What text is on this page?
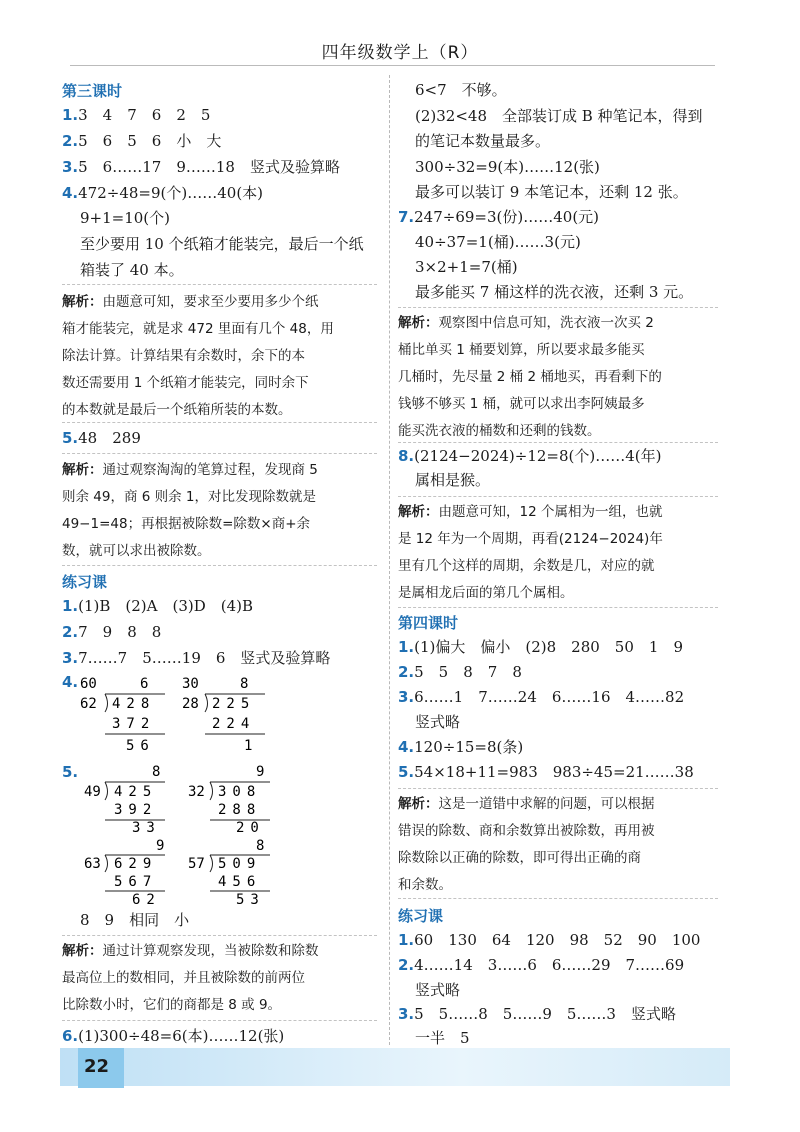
四年级数学上（R）
第三课时
1.3　4　7　6　2　5
2.5　6　5　6　小　大
3.5　6……17　9……18　竖式及验算略
4.472÷48=9(个)……40(本)
9+1=10(个)
至少要用 10 个纸箱才能装完，最后一个纸
箱装了 40 本。
解析：由题意可知，要求至少要用多少个纸
箱才能装完，就是求 472 里面有几个 48，用
除法计算。计算结果有余数时，余下的本
数还需要用 1 个纸箱才能装完，同时余下
的本数就是最后一个纸箱所装的本数。
5.48　289
解析：通过观察淘淘的笔算过程，发现商 5
则余 49，商 6 则余 1，对比发现除数就是
49−1=48；再根据被除数=除数×商+余
数，就可以求出被除数。
练习课
1.(1)B　(2)A　(3)D　(4)B
2.7　9　8　8
3.7……7　5……19　6　竖式及验算略
4. 60	6
62 428
372
56
30	8
28 225
224
1
8
49 425
392
33
9
32 308
288
20
9
63 629
567
62
8
57 509
456
53
5.
8　9　相同　小
解析：通过计算观察发现，当被除数和除数
最高位上的数相同，并且被除数的前两位
比除数小时，它们的商都是 8 或 9。
6.(1)300÷48=6(本)……12(张)
6<7　不够。
(2)32<48　全部装订成 B 种笔记本，得到
的笔记本数量最多。
300÷32=9(本)……12(张)
最多可以装订 9 本笔记本，还剩 12 张。
7.247÷69=3(份)……40(元)
40÷37=1(桶)……3(元)
3×2+1=7(桶)
最多能买 7 桶这样的洗衣液，还剩 3 元。
解析：观察图中信息可知，洗衣液一次买 2
桶比单买 1 桶要划算，所以要求最多能买
几桶时，先尽量 2 桶 2 桶地买，再看剩下的
钱够不够买 1 桶，就可以求出李阿姨最多
能买洗衣液的桶数和还剩的钱数。
8.(2124−2024)÷12=8(个)……4(年)
属相是猴。
解析：由题意可知，12 个属相为一组，也就
是 12 年为一个周期，再看(2124−2024)年
里有几个这样的周期，余数是几，对应的就
是属相龙后面的第几个属相。
第四课时
1.(1)偏大　偏小　(2)8　280　50　1　9
2.5　5　8　7　8
3.6……1　7……24　6……16　4……82
竖式略
4.120÷15=8(条)
5.54×18+11=983　983÷45=21……38
解析：这是一道错中求解的问题，可以根据
错误的除数、商和余数算出被除数，再用被
除数除以正确的除数，即可得出正确的商
和余数。
练习课
1.60　130　64　120　98　52　90　100
2.4……14　3……6　6……29　7……69
竖式略
3.5　5……8　5……9　5……3　竖式略
一半　5
22
